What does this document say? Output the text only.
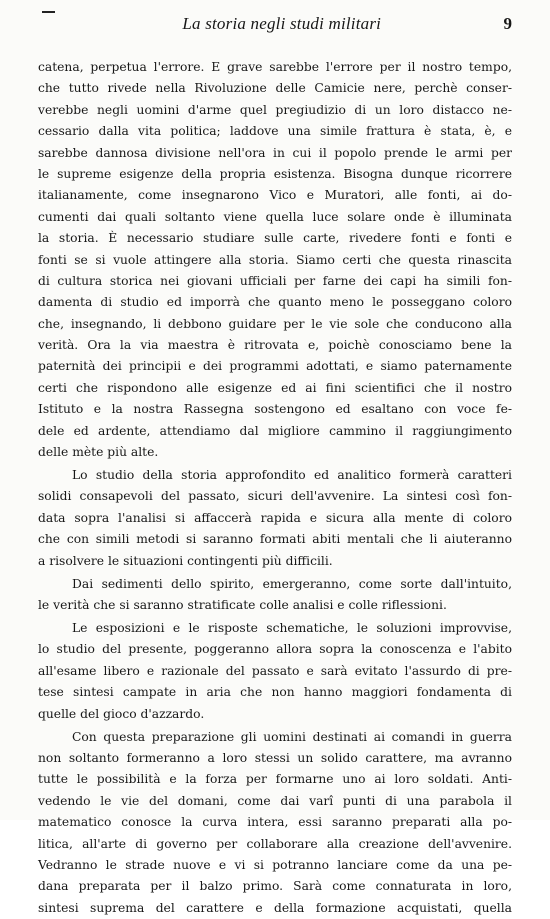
La storia negli studi militari	9
catena, perpetua l'errore. E grave sarebbe l'errore per il nostro tempo,
che tutto rivede nella Rivoluzione delle Camicie nere, perchè conser-
verebbe negli uomini d'arme quel pregiudizio di un loro distacco ne-
cessario dalla vita politica; laddove una simile frattura è stata, è, e
sarebbe dannosa divisione nell'ora in cui il popolo prende le armi per
le supreme esigenze della propria esistenza. Bisogna dunque ricorrere
italianamente, come insegnarono Vico e Muratori, alle fonti, ai do-
cumenti dai quali soltanto viene quella luce solare onde è illuminata
la storia. È necessario studiare sulle carte, rivedere fonti e fonti e
fonti se si vuole attingere alla storia. Siamo certi che questa rinascita
di cultura storica nei giovani ufficiali per farne dei capi ha simili fon-
damenta di studio ed imporrà che quanto meno le posseggano coloro
che, insegnando, li debbono guidare per le vie sole che conducono alla
verità. Ora la via maestra è ritrovata e, poichè conosciamo bene la
paternità dei principii e dei programmi adottati, e siamo paternamente
certi che rispondono alle esigenze ed ai fini scientifici che il nostro
Istituto e la nostra Rassegna sostengono ed esaltano con voce fe-
dele ed ardente, attendiamo dal migliore cammino il raggiungimento
delle mète più alte.
Lo studio della storia approfondito ed analitico formerà caratteri
solidi consapevoli del passato, sicuri dell'avvenire. La sintesi così fon-
data sopra l'analisi si affaccerà rapida e sicura alla mente di coloro
che con simili metodi si saranno formati abiti mentali che li aiuteranno
a risolvere le situazioni contingenti più difficili.
Dai sedimenti dello spirito, emergeranno, come sorte dall'intuito,
le verità che si saranno stratificate colle analisi e colle riflessioni.
Le esposizioni e le risposte schematiche, le soluzioni improvvise,
lo studio del presente, poggeranno allora sopra la conoscenza e l'abito
all'esame libero e razionale del passato e sarà evitato l'assurdo di pre-
tese sintesi campate in aria che non hanno maggiori fondamenta di
quelle del gioco d'azzardo.
Con questa preparazione gli uomini destinati ai comandi in guerra
non soltanto formeranno a loro stessi un solido carattere, ma avranno
tutte le possibilità e la forza per formarne uno ai loro soldati. Anti-
vedendo le vie del domani, come dai varî punti di una parabola il
matematico conosce la curva intera, essi saranno preparati alla po-
litica, all'arte di governo per collaborare alla creazione dell'avvenire.
Vedranno le strade nuove e vi si potranno lanciare come da una pe-
dana preparata per il balzo primo. Sarà come connaturata in loro,
sintesi suprema del carattere e della formazione acquistati, quella
